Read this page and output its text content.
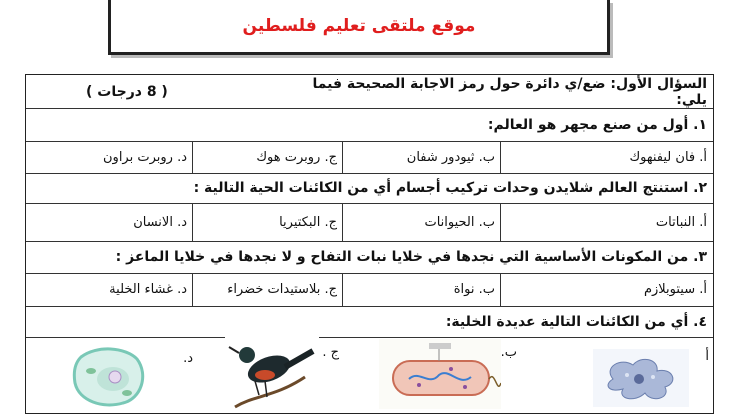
موقع ملتقى تعليم فلسطين
السؤال الأول: ضع/ي دائرة حول رمز الاجابة الصحيحة فيما يلي:
( 8 درجات )
١. أول من صنع مجهر هو العالم:
أ. فان ليفنهوك
ب. ثيودور شفان
ج. روبرت هوك
د. روبرت براون
٢. استنتج العالم شلايدن وحدات تركيب أجسام أي من الكائنات الحية التالية :
أ. النباتات
ب. الحيوانات
ج. البكتيريا
د. الانسان
٣. من المكونات الأساسية التي نجدها في خلايا نبات التفاح و لا نجدها في خلايا الماعز :
أ. سيتوبلازم
ب. نواة
ج. بلاستيدات خضراء
د. غشاء الخلية
٤. أي من الكائنات التالية عديدة الخلية:
أ
ب.
ج .
د.
